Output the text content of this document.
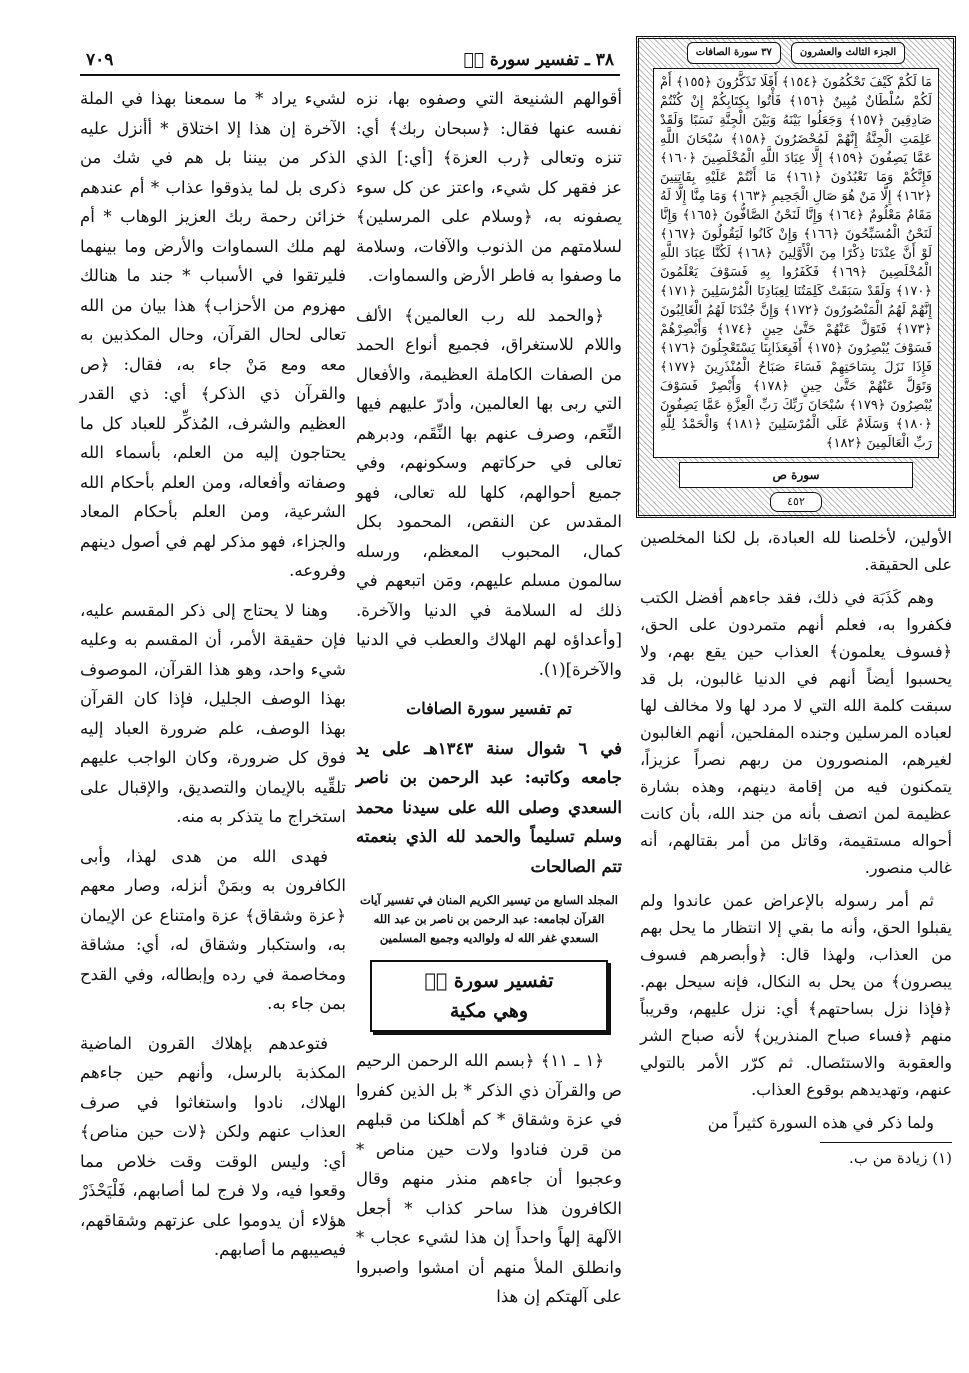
٧٠٩	٣٨ ـ تفسير سورة صۤ	الجزء الثالث والعشرون
٣٧ سورة الصافات
مَا لَكُمْ كَيْفَ تَحْكُمُونَ ﴿١٥٤﴾ أَفَلَا تَذَكَّرُونَ ﴿١٥٥﴾ أَمْ لَكُمْ سُلْطَانٌ مُبِينٌ ﴿١٥٦﴾ فَأْتُوا بِكِتَابِكُمْ إِنْ كُنْتُمْ صَادِقِينَ ﴿١٥٧﴾ وَجَعَلُوا بَيْنَهُ وَبَيْنَ الْجِنَّةِ نَسَبًا وَلَقَدْ عَلِمَتِ الْجِنَّةُ إِنَّهُمْ لَمُحْضَرُونَ ﴿١٥٨﴾ سُبْحَانَ اللَّهِ عَمَّا يَصِفُونَ ﴿١٥٩﴾ إِلَّا عِبَادَ اللَّهِ الْمُخْلَصِينَ ﴿١٦٠﴾ فَإِنَّكُمْ وَمَا تَعْبُدُونَ ﴿١٦١﴾ مَا أَنْتُمْ عَلَيْهِ بِفَاتِنِينَ ﴿١٦٢﴾ إِلَّا مَنْ هُوَ صَالِ الْجَحِيمِ ﴿١٦٣﴾ وَمَا مِنَّا إِلَّا لَهُ مَقَامٌ مَعْلُومٌ ﴿١٦٤﴾ وَإِنَّا لَنَحْنُ الصَّافُّونَ ﴿١٦٥﴾ وَإِنَّا لَنَحْنُ الْمُسَبِّحُونَ ﴿١٦٦﴾ وَإِنْ كَانُوا لَيَقُولُونَ ﴿١٦٧﴾ لَوْ أَنَّ عِنْدَنَا ذِكْرًا مِنَ الْأَوَّلِينَ ﴿١٦٨﴾ لَكُنَّا عِبَادَ اللَّهِ الْمُخْلَصِينَ ﴿١٦٩﴾ فَكَفَرُوا بِهِ فَسَوْفَ يَعْلَمُونَ ﴿١٧٠﴾ وَلَقَدْ سَبَقَتْ كَلِمَتُنَا لِعِبَادِنَا الْمُرْسَلِينَ ﴿١٧١﴾ إِنَّهُمْ لَهُمُ الْمَنْصُورُونَ ﴿١٧٢﴾ وَإِنَّ جُنْدَنَا لَهُمُ الْغَالِبُونَ ﴿١٧٣﴾ فَتَوَلَّ عَنْهُمْ حَتَّىٰ حِينٍ ﴿١٧٤﴾ وَأَبْصِرْهُمْ فَسَوْفَ يُبْصِرُونَ ﴿١٧٥﴾ أَفَبِعَذَابِنَا يَسْتَعْجِلُونَ ﴿١٧٦﴾ فَإِذَا نَزَلَ بِسَاحَتِهِمْ فَسَاءَ صَبَاحُ الْمُنْذَرِينَ ﴿١٧٧﴾ وَتَوَلَّ عَنْهُمْ حَتَّىٰ حِينٍ ﴿١٧٨﴾ وَأَبْصِرْ فَسَوْفَ يُبْصِرُونَ ﴿١٧٩﴾ سُبْحَانَ رَبِّكَ رَبِّ الْعِزَّةِ عَمَّا يَصِفُونَ ﴿١٨٠﴾ وَسَلَامٌ عَلَى الْمُرْسَلِينَ ﴿١٨١﴾ وَالْحَمْدُ لِلَّهِ رَبِّ الْعَالَمِينَ ﴿١٨٢﴾
سورة ص
٤٥٢

الأولين، لأخلصنا لله العبادة، بل لكنا المخلصين على الحقيقة.

وهم كَذَبَة في ذلك، فقد جاءهم أفضل الكتب فكفروا به، فعلم أنهم متمردون على الحق، ﴿فسوف يعلمون﴾ العذاب حين يقع بهم، ولا يحسبوا أيضاً أنهم في الدنيا غالبون، بل قد سبقت كلمة الله التي لا مرد لها ولا مخالف لها لعباده المرسلين وجنده المفلحين، أنهم الغالبون لغيرهم، المنصورون من ربهم نصراً عزيزاً، يتمكنون فيه من إقامة دينهم، وهذه بشارة عظيمة لمن اتصف بأنه من جند الله، بأن كانت أحواله مستقيمة، وقاتل من أمر بقتالهم، أنه غالب منصور.

ثم أمر رسوله بالإعراض عمن عاندوا ولم يقبلوا الحق، وأنه ما بقي إلا انتظار ما يحل بهم من العذاب، ولهذا قال: ﴿وأبصرهم فسوف يبصرون﴾ من يحل به النكال، فإنه سيحل بهم. ﴿فإذا نزل بساحتهم﴾ أي: نزل عليهم، وقريباً منهم ﴿فساء صباح المنذرين﴾ لأنه صباح الشر والعقوبة والاستئصال. ثم كرّر الأمر بالتولي عنهم، وتهديدهم بوقوع العذاب.

ولما ذكر في هذه السورة كثيراً من

(١) زيادة من ب.

أقوالهم الشنيعة التي وصفوه بها، نزه نفسه عنها فقال: ﴿سبحان ربك﴾ أي: تنزه وتعالى ﴿رب العزة﴾ [أي:] الذي عز فقهر كل شيء، واعتز عن كل سوء يصفونه به، ﴿وسلام على المرسلين﴾ لسلامتهم من الذنوب والآفات، وسلامة ما وصفوا به فاطر الأرض والسماوات.

﴿والحمد لله رب العالمين﴾ الألف واللام للاستغراق، فجميع أنواع الحمد من الصفات الكاملة العظيمة، والأفعال التي ربى بها العالمين، وأدرّ عليهم فيها النِّعَم، وصرف عنهم بها النِّقَم، ودبرهم تعالى في حركاتهم وسكونهم، وفي جميع أحوالهم، كلها لله تعالى، فهو المقدس عن النقص، المحمود بكل كمال، المحبوب المعظم، ورسله سالمون مسلم عليهم، ومَن اتبعهم في ذلك له السلامة في الدنيا والآخرة. [وأعداؤه لهم الهلاك والعطب في الدنيا والآخرة](١).

تم تفسير سورة الصافات

في ٦ شوال سنة ١٣٤٣هـ على يد جامعه وكاتبه: عبد الرحمن بن ناصر السعدي وصلى الله على سيدنا محمد وسلم تسليماً والحمد لله الذي بنعمته تتم الصالحات

المجلد السابع من تيسير الكريم المنان في تفسير آيات القرآن لجامعه: عبد الرحمن بن ناصر بن عبد الله السعدي غفر الله له ولوالديه وجميع المسلمين

تفسير سورة صۤ
وهي مكية

﴿١ ـ ١١﴾ ﴿بسم الله الرحمن الرحيم ص والقرآن ذي الذكر * بل الذين كفروا في عزة وشقاق * كم أهلكنا من قبلهم من قرن فنادوا ولات حين مناص * وعجبوا أن جاءهم منذر منهم وقال الكافرون هذا ساحر كذاب * أجعل الآلهة إلهاً واحداً إن هذا لشيء عجاب * وانطلق الملأ منهم أن امشوا واصبروا على آلهتكم إن هذا

لشيء يراد * ما سمعنا بهذا في الملة الآخرة إن هذا إلا اختلاق * أأنزل عليه الذكر من بيننا بل هم في شك من ذكرى بل لما يذوقوا عذاب * أم عندهم خزائن رحمة ربك العزيز الوهاب * أم لهم ملك السماوات والأرض وما بينهما فليرتقوا في الأسباب * جند ما هنالك مهزوم من الأحزاب﴾ هذا بيان من الله تعالى لحال القرآن، وحال المكذبين به معه ومع مَنْ جاء به، فقال: ﴿ص والقرآن ذي الذكر﴾ أي: ذي القدر العظيم والشرف، المُذكِّر للعباد كل ما يحتاجون إليه من العلم، بأسماء الله وصفاته وأفعاله، ومن العلم بأحكام الله الشرعية، ومن العلم بأحكام المعاد والجزاء، فهو مذكر لهم في أصول دينهم وفروعه.

وهنا لا يحتاج إلى ذكر المقسم عليه، فإن حقيقة الأمر، أن المقسم به وعليه شيء واحد، وهو هذا القرآن، الموصوف بهذا الوصف الجليل، فإذا كان القرآن بهذا الوصف، علم ضرورة العباد إليه فوق كل ضرورة، وكان الواجب عليهم تلقِّيه بالإيمان والتصديق، والإقبال على استخراج ما يتذكر به منه.

فهدى الله من هدى لهذا، وأبى الكافرون به وبمَنْ أنزله، وصار معهم ﴿عزة وشقاق﴾ عزة وامتناع عن الإيمان به، واستكبار وشقاق له، أي: مشاقة ومخاصمة في رده وإبطاله، وفي القدح بمن جاء به.

فتوعدهم بإهلاك القرون الماضية المكذبة بالرسل، وأنهم حين جاءهم الهلاك، نادوا واستغاثوا في صرف العذاب عنهم ولكن ﴿لات حين مناص﴾ أي: وليس الوقت وقت خلاص مما وقعوا فيه، ولا فرج لما أصابهم، فَلْيَحْذَرْ هؤلاء أن يدوموا على عزتهم وشقاقهم، فيصيبهم ما أصابهم.
